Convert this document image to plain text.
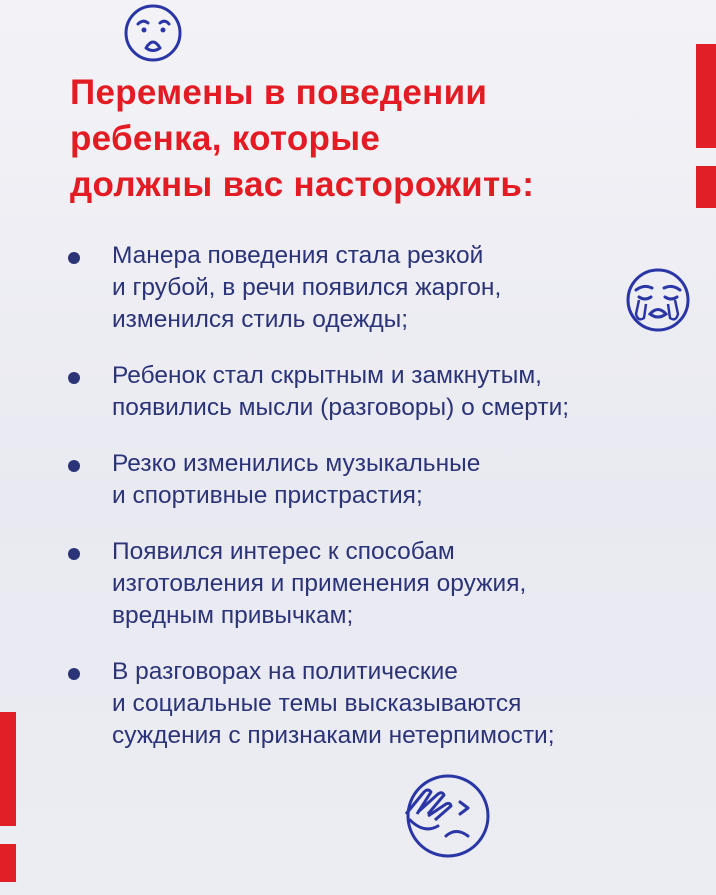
Перемены в поведении
ребенка, которые
должны вас насторожить:
Манера поведения стала резкой
и грубой, в речи появился жаргон,
изменился стиль одежды;
Ребенок стал скрытным и замкнутым,
появились мысли (разговоры) о смерти;
Резко изменились музыкальные
и спортивные пристрастия;
Появился интерес к способам
изготовления и применения оружия,
вредным привычкам;
В разговорах на политические
и социальные темы высказываются
суждения с признаками нетерпимости;
